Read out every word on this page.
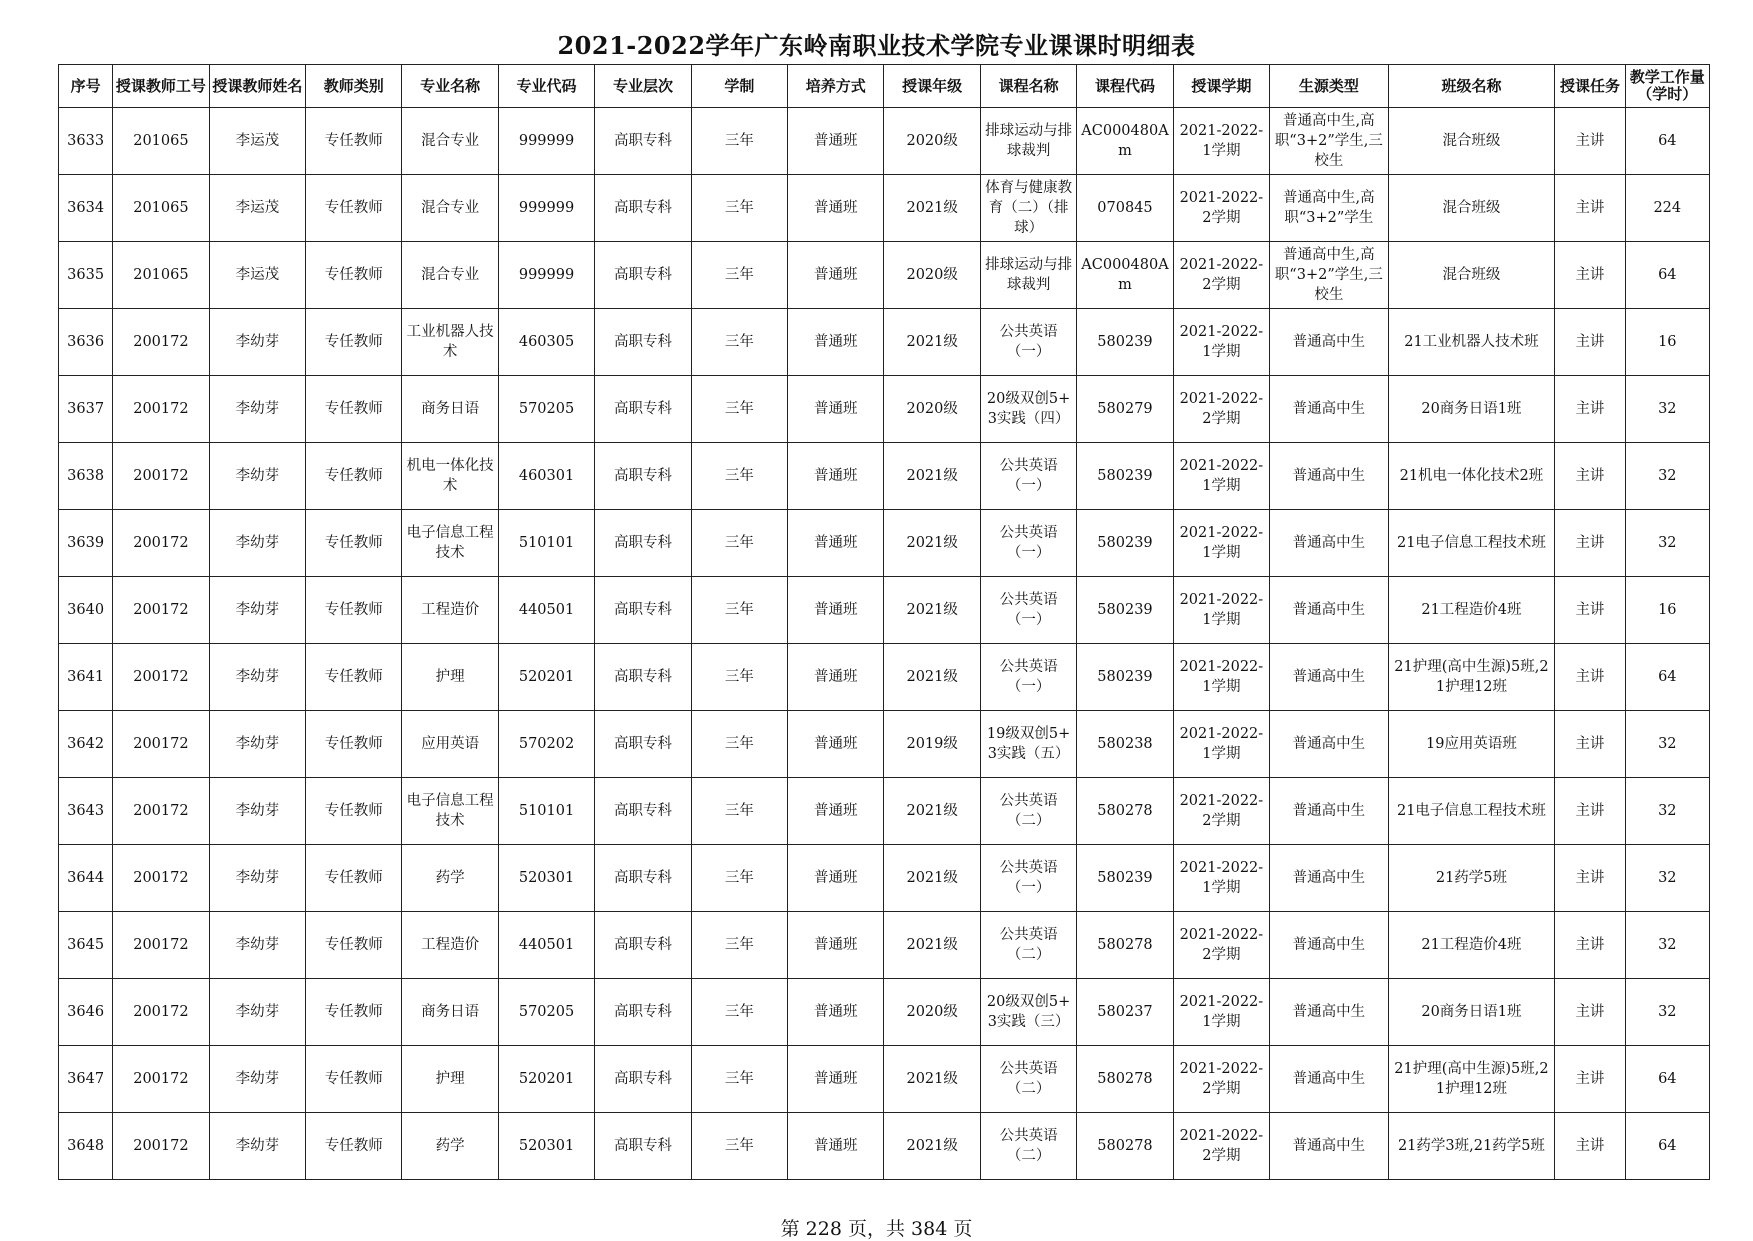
2021-2022学年广东岭南职业技术学院专业课课时明细表
序号	授课教师工号	授课教师姓名	教师类别	专业名称	专业代码	专业层次	学制	培养方式	授课年级	课程名称	课程代码	授课学期	生源类型	班级名称	授课任务	教学工作量（学时）
3633	201065	李运茂	专任教师	混合专业	999999	高职专科	三年	普通班	2020级	排球运动与排球裁判	AC000480Am	2021-2022-1学期	普通高中生,高职“3+2”学生,三校生	混合班级	主讲	64
3634	201065	李运茂	专任教师	混合专业	999999	高职专科	三年	普通班	2021级	体育与健康教育（二）（排球）	070845	2021-2022-2学期	普通高中生,高职“3+2”学生	混合班级	主讲	224
3635	201065	李运茂	专任教师	混合专业	999999	高职专科	三年	普通班	2020级	排球运动与排球裁判	AC000480Am	2021-2022-2学期	普通高中生,高职“3+2”学生,三校生	混合班级	主讲	64
3636	200172	李幼芽	专任教师	工业机器人技术	460305	高职专科	三年	普通班	2021级	公共英语（一）	580239	2021-2022-1学期	普通高中生	21工业机器人技术班	主讲	16
3637	200172	李幼芽	专任教师	商务日语	570205	高职专科	三年	普通班	2020级	20级双创5+3实践（四）	580279	2021-2022-2学期	普通高中生	20商务日语1班	主讲	32
3638	200172	李幼芽	专任教师	机电一体化技术	460301	高职专科	三年	普通班	2021级	公共英语（一）	580239	2021-2022-1学期	普通高中生	21机电一体化技术2班	主讲	32
3639	200172	李幼芽	专任教师	电子信息工程技术	510101	高职专科	三年	普通班	2021级	公共英语（一）	580239	2021-2022-1学期	普通高中生	21电子信息工程技术班	主讲	32
3640	200172	李幼芽	专任教师	工程造价	440501	高职专科	三年	普通班	2021级	公共英语（一）	580239	2021-2022-1学期	普通高中生	21工程造价4班	主讲	16
3641	200172	李幼芽	专任教师	护理	520201	高职专科	三年	普通班	2021级	公共英语（一）	580239	2021-2022-1学期	普通高中生	21护理(高中生源)5班,21护理12班	主讲	64
3642	200172	李幼芽	专任教师	应用英语	570202	高职专科	三年	普通班	2019级	19级双创5+3实践（五）	580238	2021-2022-1学期	普通高中生	19应用英语班	主讲	32
3643	200172	李幼芽	专任教师	电子信息工程技术	510101	高职专科	三年	普通班	2021级	公共英语（二）	580278	2021-2022-2学期	普通高中生	21电子信息工程技术班	主讲	32
3644	200172	李幼芽	专任教师	药学	520301	高职专科	三年	普通班	2021级	公共英语（一）	580239	2021-2022-1学期	普通高中生	21药学5班	主讲	32
3645	200172	李幼芽	专任教师	工程造价	440501	高职专科	三年	普通班	2021级	公共英语（二）	580278	2021-2022-2学期	普通高中生	21工程造价4班	主讲	32
3646	200172	李幼芽	专任教师	商务日语	570205	高职专科	三年	普通班	2020级	20级双创5+3实践（三）	580237	2021-2022-1学期	普通高中生	20商务日语1班	主讲	32
3647	200172	李幼芽	专任教师	护理	520201	高职专科	三年	普通班	2021级	公共英语（二）	580278	2021-2022-2学期	普通高中生	21护理(高中生源)5班,21护理12班	主讲	64
3648	200172	李幼芽	专任教师	药学	520301	高职专科	三年	普通班	2021级	公共英语（二）	580278	2021-2022-2学期	普通高中生	21药学3班,21药学5班	主讲	64
第 228 页，共 384 页
